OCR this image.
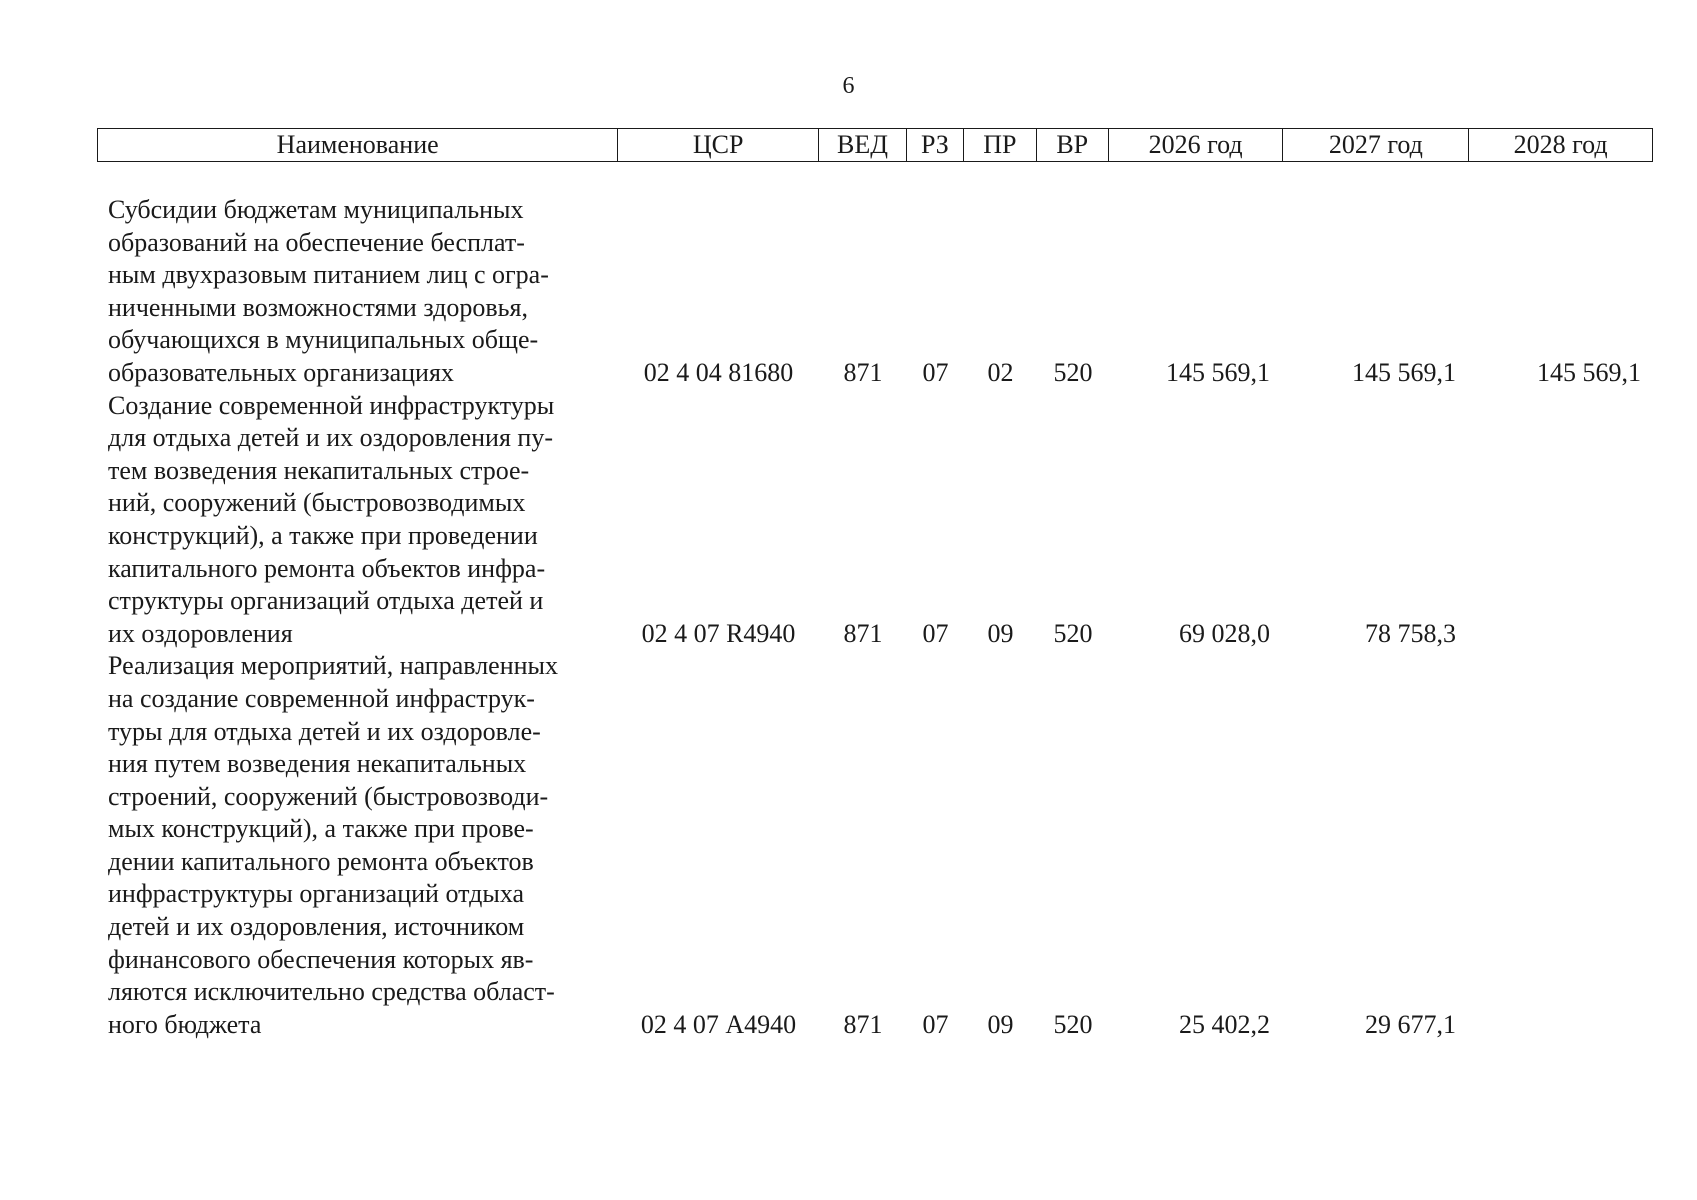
6
Наименование	ЦСР	ВЕД	РЗ	ПР	ВР	2026 год	2027 год	2028 год
Субсидии бюджетам муниципальных
образований на обеспечение бесплат-
ным двухразовым питанием лиц с огра-
ниченными возможностями здоровья,
обучающихся в муниципальных обще-
образовательных организациях	02 4 04 81680	871	07	02	520	145 569,1	145 569,1	145 569,1
Создание современной инфраструктуры
для отдыха детей и их оздоровления пу-
тем возведения некапитальных строе-
ний, сооружений (быстровозводимых
конструкций), а также при проведении
капитального ремонта объектов инфра-
структуры организаций отдыха детей и
их оздоровления	02 4 07 R4940	871	07	09	520	69 028,0	78 758,3
Реализация мероприятий, направленных
на создание современной инфраструк-
туры для отдыха детей и их оздоровле-
ния путем возведения некапитальных
строений, сооружений (быстровозводи-
мых конструкций), а также при прове-
дении капитального ремонта объектов
инфраструктуры организаций отдыха
детей и их оздоровления, источником
финансового обеспечения которых яв-
ляются исключительно средства област-
ного бюджета	02 4 07 А4940	871	07	09	520	25 402,2	29 677,1
